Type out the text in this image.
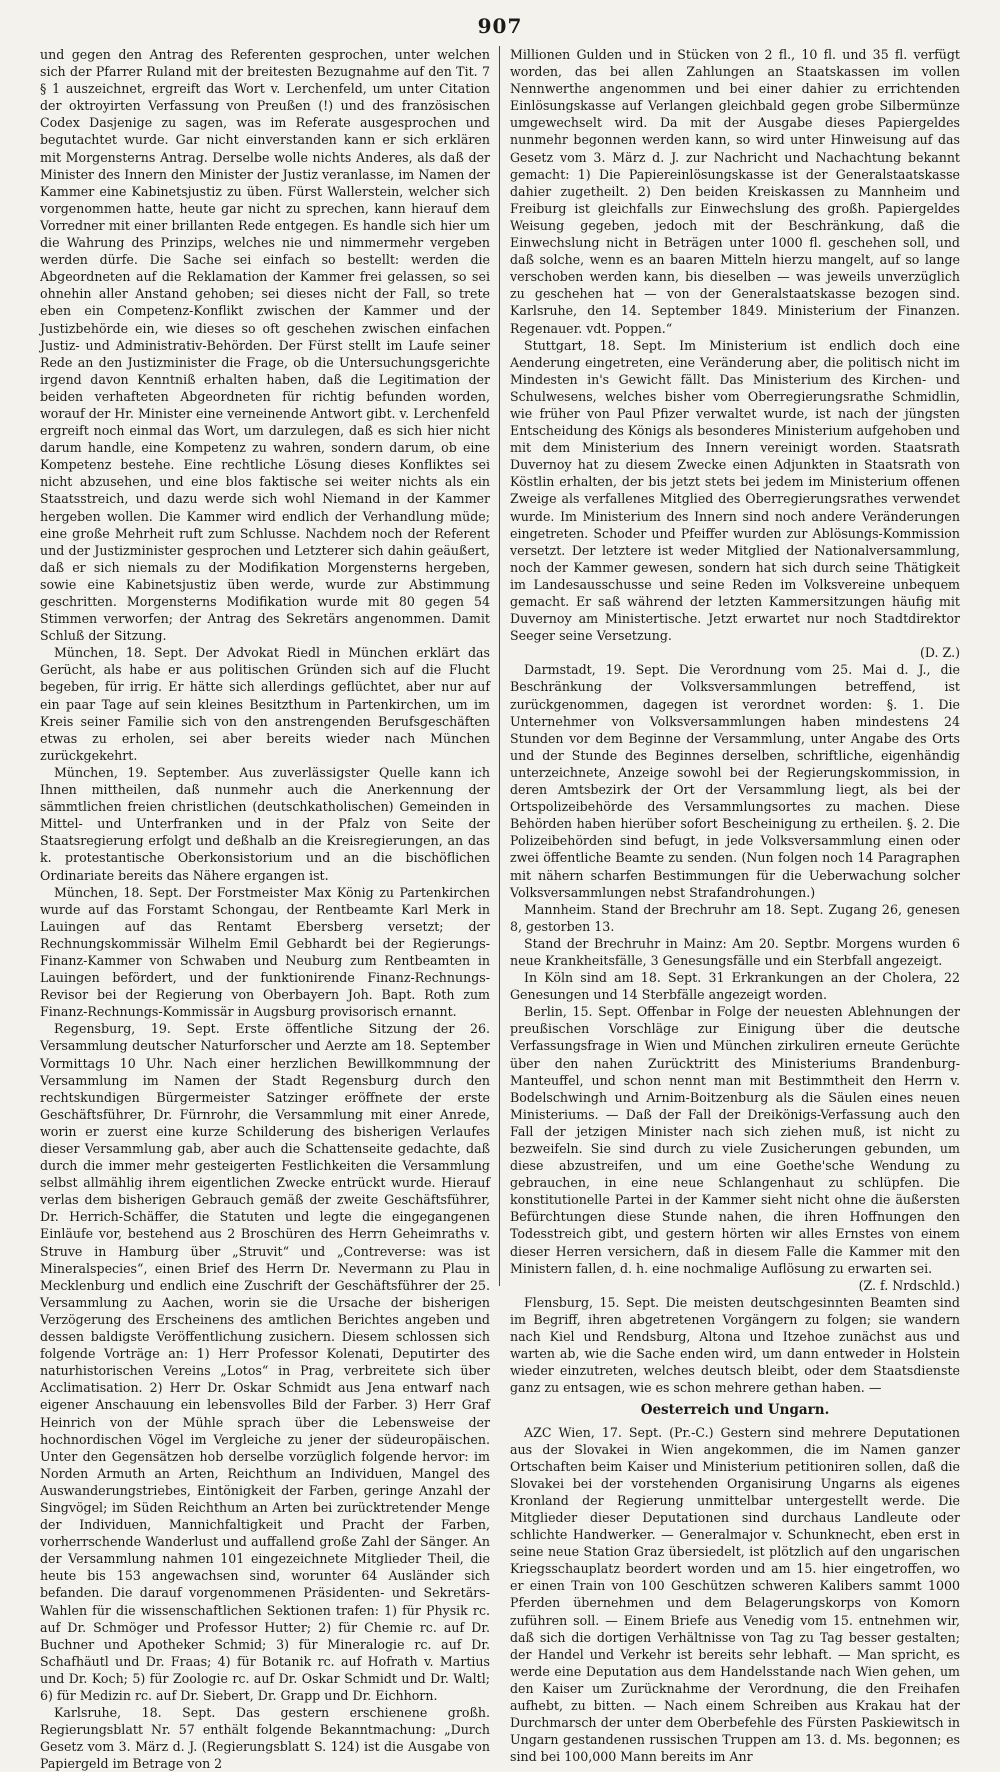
907

und gegen den Antrag des Referenten gesprochen, unter welchen sich der Pfarrer Ruland mit der breitesten Bezugnahme auf den Tit. 7 § 1 auszeichnet, ergreift das Wort v. Lerchenfeld, um unter Citation der oktroyirten Verfassung von Preußen (!) und des französischen Codex Dasjenige zu sagen, was im Referate ausgesprochen und begutachtet wurde. Gar nicht einverstanden kann er sich erklären mit Morgensterns Antrag. Derselbe wolle nichts Anderes, als daß der Minister des Innern den Minister der Justiz veranlasse, im Namen der Kammer eine Kabinetsjustiz zu üben. Fürst Wallerstein, welcher sich vorgenommen hatte, heute gar nicht zu sprechen, kann hierauf dem Vorredner mit einer brillanten Rede entgegen. Es handle sich hier um die Wahrung des Prinzips, welches nie und nimmermehr vergeben werden dürfe. Die Sache sei einfach so bestellt: werden die Abgeordneten auf die Reklamation der Kammer frei gelassen, so sei ohnehin aller Anstand gehoben; sei dieses nicht der Fall, so trete eben ein Competenz-Konflikt zwischen der Kammer und der Justizbehörde ein, wie dieses so oft geschehen zwischen einfachen Justiz- und Administrativ-Behörden. Der Fürst stellt im Laufe seiner Rede an den Justizminister die Frage, ob die Untersuchungsgerichte irgend davon Kenntniß erhalten haben, daß die Legitimation der beiden verhafteten Abgeordneten für richtig befunden worden, worauf der Hr. Minister eine verneinende Antwort gibt. v. Lerchenfeld ergreift noch einmal das Wort, um darzulegen, daß es sich hier nicht darum handle, eine Kompetenz zu wahren, sondern darum, ob eine Kompetenz bestehe. Eine rechtliche Lösung dieses Konfliktes sei nicht abzusehen, und eine blos faktische sei weiter nichts als ein Staatsstreich, und dazu werde sich wohl Niemand in der Kammer hergeben wollen. Die Kammer wird endlich der Verhandlung müde; eine große Mehrheit ruft zum Schlusse. Nachdem noch der Referent und der Justizminister gesprochen und Letzterer sich dahin geäußert, daß er sich niemals zu der Modifikation Morgensterns hergeben, sowie eine Kabinetsjustiz üben werde, wurde zur Abstimmung geschritten. Morgensterns Modifikation wurde mit 80 gegen 54 Stimmen verworfen; der Antrag des Sekretärs angenommen. Damit Schluß der Sitzung.

München, 18. Sept. Der Advokat Riedl in München erklärt das Gerücht, als habe er aus politischen Gründen sich auf die Flucht begeben, für irrig. Er hätte sich allerdings geflüchtet, aber nur auf ein paar Tage auf sein kleines Besitzthum in Partenkirchen, um im Kreis seiner Familie sich von den anstrengenden Berufsgeschäften etwas zu erholen, sei aber bereits wieder nach München zurückgekehrt.

München, 19. September. Aus zuverlässigster Quelle kann ich Ihnen mittheilen, daß nunmehr auch die Anerkennung der sämmtlichen freien christlichen (deutschkatholischen) Gemeinden in Mittel- und Unterfranken und in der Pfalz von Seite der Staatsregierung erfolgt und deßhalb an die Kreisregierungen, an das k. protestantische Oberkonsistorium und an die bischöflichen Ordinariate bereits das Nähere ergangen ist.

München, 18. Sept. Der Forstmeister Max König zu Partenkirchen wurde auf das Forstamt Schongau, der Rentbeamte Karl Merk in Lauingen auf das Rentamt Ebersberg versetzt; der Rechnungskommissär Wilhelm Emil Gebhardt bei der Regierungs-Finanz-Kammer von Schwaben und Neuburg zum Rentbeamten in Lauingen befördert, und der funktionirende Finanz-Rechnungs-Revisor bei der Regierung von Oberbayern Joh. Bapt. Roth zum Finanz-Rechnungs-Kommissär in Augsburg provisorisch ernannt.

Regensburg, 19. Sept. Erste öffentliche Sitzung der 26. Versammlung deutscher Naturforscher und Aerzte am 18. September Vormittags 10 Uhr. Nach einer herzlichen Bewillkommnung der Versammlung im Namen der Stadt Regensburg durch den rechtskundigen Bürgermeister Satzinger eröffnete der erste Geschäftsführer, Dr. Fürnrohr, die Versammlung mit einer Anrede, worin er zuerst eine kurze Schilderung des bisherigen Verlaufes dieser Versammlung gab, aber auch die Schattenseite gedachte, daß durch die immer mehr gesteigerten Festlichkeiten die Versammlung selbst allmählig ihrem eigentlichen Zwecke entrückt wurde. Hierauf verlas dem bisherigen Gebrauch gemäß der zweite Geschäftsführer, Dr. Herrich-Schäffer, die Statuten und legte die eingegangenen Einläufe vor, bestehend aus 2 Broschüren des Herrn Geheimraths v. Struve in Hamburg über „Struvit“ und „Contreverse: was ist Mineralspecies“, einen Brief des Herrn Dr. Nevermann zu Plau in Mecklenburg und endlich eine Zuschrift der Geschäftsführer der 25. Versammlung zu Aachen, worin sie die Ursache der bisherigen Verzögerung des Erscheinens des amtlichen Berichtes angeben und dessen baldigste Veröffentlichung zusichern. Diesem schlossen sich folgende Vorträge an: 1) Herr Professor Kolenati, Deputirter des naturhistorischen Vereins „Lotos“ in Prag, verbreitete sich über Acclimatisation. 2) Herr Dr. Oskar Schmidt aus Jena entwarf nach eigener Anschauung ein lebensvolles Bild der Farber. 3) Herr Graf Heinrich von der Mühle sprach über die Lebensweise der hochnordischen Vögel im Vergleiche zu jener der südeuropäischen. Unter den Gegensätzen hob derselbe vorzüglich folgende hervor: im Norden Armuth an Arten, Reichthum an Individuen, Mangel des Auswanderungstriebes, Eintönigkeit der Farben, geringe Anzahl der Singvögel; im Süden Reichthum an Arten bei zurücktretender Menge der Individuen, Mannichfaltigkeit und Pracht der Farben, vorherrschende Wanderlust und auffallend große Zahl der Sänger. An der Versammlung nahmen 101 eingezeichnete Mitglieder Theil, die heute bis 153 angewachsen sind, worunter 64 Ausländer sich befanden. Die darauf vorgenommenen Präsidenten- und Sekretärs-Wahlen für die wissenschaftlichen Sektionen trafen: 1) für Physik rc. auf Dr. Schmöger und Professor Hutter; 2) für Chemie rc. auf Dr. Buchner und Apotheker Schmid; 3) für Mineralogie rc. auf Dr. Schafhäutl und Dr. Fraas; 4) für Botanik rc. auf Hofrath v. Martius und Dr. Koch; 5) für Zoologie rc. auf Dr. Oskar Schmidt und Dr. Waltl; 6) für Medizin rc. auf Dr. Siebert, Dr. Grapp und Dr. Eichhorn.

Karlsruhe, 18. Sept. Das gestern erschienene großh. Regierungsblatt Nr. 57 enthält folgende Bekanntmachung: „Durch Gesetz vom 3. März d. J. (Regierungsblatt S. 124) ist die Ausgabe von Papiergeld im Betrage von 2

Millionen Gulden und in Stücken von 2 fl., 10 fl. und 35 fl. verfügt worden, das bei allen Zahlungen an Staatskassen im vollen Nennwerthe angenommen und bei einer dahier zu errichtenden Einlösungskasse auf Verlangen gleichbald gegen grobe Silbermünze umgewechselt wird. Da mit der Ausgabe dieses Papiergeldes nunmehr begonnen werden kann, so wird unter Hinweisung auf das Gesetz vom 3. März d. J. zur Nachricht und Nachachtung bekannt gemacht: 1) Die Papiereinlösungskasse ist der Generalstaatskasse dahier zugetheilt. 2) Den beiden Kreiskassen zu Mannheim und Freiburg ist gleichfalls zur Einwechslung des großh. Papiergeldes Weisung gegeben, jedoch mit der Beschränkung, daß die Einwechslung nicht in Beträgen unter 1000 fl. geschehen soll, und daß solche, wenn es an baaren Mitteln hierzu mangelt, auf so lange verschoben werden kann, bis dieselben — was jeweils unverzüglich zu geschehen hat — von der Generalstaatskasse bezogen sind. Karlsruhe, den 14. September 1849. Ministerium der Finanzen. Regenauer. vdt. Poppen.“

Stuttgart, 18. Sept. Im Ministerium ist endlich doch eine Aenderung eingetreten, eine Veränderung aber, die politisch nicht im Mindesten in's Gewicht fällt. Das Ministerium des Kirchen- und Schulwesens, welches bisher vom Oberregierungsrathe Schmidlin, wie früher von Paul Pfizer verwaltet wurde, ist nach der jüngsten Entscheidung des Königs als besonderes Ministerium aufgehoben und mit dem Ministerium des Innern vereinigt worden. Staatsrath Duvernoy hat zu diesem Zwecke einen Adjunkten in Staatsrath von Köstlin erhalten, der bis jetzt stets bei jedem im Ministerium offenen Zweige als verfallenes Mitglied des Oberregierungsrathes verwendet wurde. Im Ministerium des Innern sind noch andere Veränderungen eingetreten. Schoder und Pfeiffer wurden zur Ablösungs-Kommission versetzt. Der letztere ist weder Mitglied der Nationalversammlung, noch der Kammer gewesen, sondern hat sich durch seine Thätigkeit im Landesausschusse und seine Reden im Volksvereine unbequem gemacht. Er saß während der letzten Kammersitzungen häufig mit Duvernoy am Ministertische. Jetzt erwartet nur noch Stadtdirektor Seeger seine Versetzung.

(D. Z.)

Darmstadt, 19. Sept. Die Verordnung vom 25. Mai d. J., die Beschränkung der Volksversammlungen betreffend, ist zurückgenommen, dagegen ist verordnet worden: §. 1. Die Unternehmer von Volksversammlungen haben mindestens 24 Stunden vor dem Beginne der Versammlung, unter Angabe des Orts und der Stunde des Beginnes derselben, schriftliche, eigenhändig unterzeichnete, Anzeige sowohl bei der Regierungskommission, in deren Amtsbezirk der Ort der Versammlung liegt, als bei der Ortspolizeibehörde des Versammlungsortes zu machen. Diese Behörden haben hierüber sofort Bescheinigung zu ertheilen. §. 2. Die Polizeibehörden sind befugt, in jede Volksversammlung einen oder zwei öffentliche Beamte zu senden. (Nun folgen noch 14 Paragraphen mit nähern scharfen Bestimmungen für die Ueberwachung solcher Volksversammlungen nebst Strafandrohungen.)

Mannheim. Stand der Brechruhr am 18. Sept. Zugang 26, genesen 8, gestorben 13.

Stand der Brechruhr in Mainz: Am 20. Septbr. Morgens wurden 6 neue Krankheitsfälle, 3 Genesungsfälle und ein Sterbfall angezeigt.

In Köln sind am 18. Sept. 31 Erkrankungen an der Cholera, 22 Genesungen und 14 Sterbfälle angezeigt worden.

Berlin, 15. Sept. Offenbar in Folge der neuesten Ablehnungen der preußischen Vorschläge zur Einigung über die deutsche Verfassungsfrage in Wien und München zirkuliren erneute Gerüchte über den nahen Zurücktritt des Ministeriums Brandenburg-Manteuffel, und schon nennt man mit Bestimmtheit den Herrn v. Bodelschwingh und Arnim-Boitzenburg als die Säulen eines neuen Ministeriums. — Daß der Fall der Dreikönigs-Verfassung auch den Fall der jetzigen Minister nach sich ziehen muß, ist nicht zu bezweifeln. Sie sind durch zu viele Zusicherungen gebunden, um diese abzustreifen, und um eine Goethe'sche Wendung zu gebrauchen, in eine neue Schlangenhaut zu schlüpfen. Die konstitutionelle Partei in der Kammer sieht nicht ohne die äußersten Befürchtungen diese Stunde nahen, die ihren Hoffnungen den Todesstreich gibt, und gestern hörten wir alles Ernstes von einem dieser Herren versichern, daß in diesem Falle die Kammer mit den Ministern fallen, d. h. eine nochmalige Auflösung zu erwarten sei.

(Z. f. Nrdschld.)

Flensburg, 15. Sept. Die meisten deutschgesinnten Beamten sind im Begriff, ihren abgetretenen Vorgängern zu folgen; sie wandern nach Kiel und Rendsburg, Altona und Itzehoe zunächst aus und warten ab, wie die Sache enden wird, um dann entweder in Holstein wieder einzutreten, welches deutsch bleibt, oder dem Staatsdienste ganz zu entsagen, wie es schon mehrere gethan haben. —

Oesterreich und Ungarn.

AZC Wien, 17. Sept. (Pr.-C.) Gestern sind mehrere Deputationen aus der Slovakei in Wien angekommen, die im Namen ganzer Ortschaften beim Kaiser und Ministerium petitioniren sollen, daß die Slovakei bei der vorstehenden Organisirung Ungarns als eigenes Kronland der Regierung unmittelbar untergestellt werde. Die Mitglieder dieser Deputationen sind durchaus Landleute oder schlichte Handwerker. — Generalmajor v. Schunknecht, eben erst in seine neue Station Graz übersiedelt, ist plötzlich auf den ungarischen Kriegsschauplatz beordert worden und am 15. hier eingetroffen, wo er einen Train von 100 Geschützen schweren Kalibers sammt 1000 Pferden übernehmen und dem Belagerungskorps von Komorn zuführen soll. — Einem Briefe aus Venedig vom 15. entnehmen wir, daß sich die dortigen Verhältnisse von Tag zu Tag besser gestalten; der Handel und Verkehr ist bereits sehr lebhaft. — Man spricht, es werde eine Deputation aus dem Handelsstande nach Wien gehen, um den Kaiser um Zurücknahme der Verordnung, die den Freihafen aufhebt, zu bitten. — Nach einem Schreiben aus Krakau hat der Durchmarsch der unter dem Oberbefehle des Fürsten Paskiewitsch in Ungarn gestandenen russischen Truppen am 13. d. Ms. begonnen; es sind bei 100,000 Mann bereits im Anr
